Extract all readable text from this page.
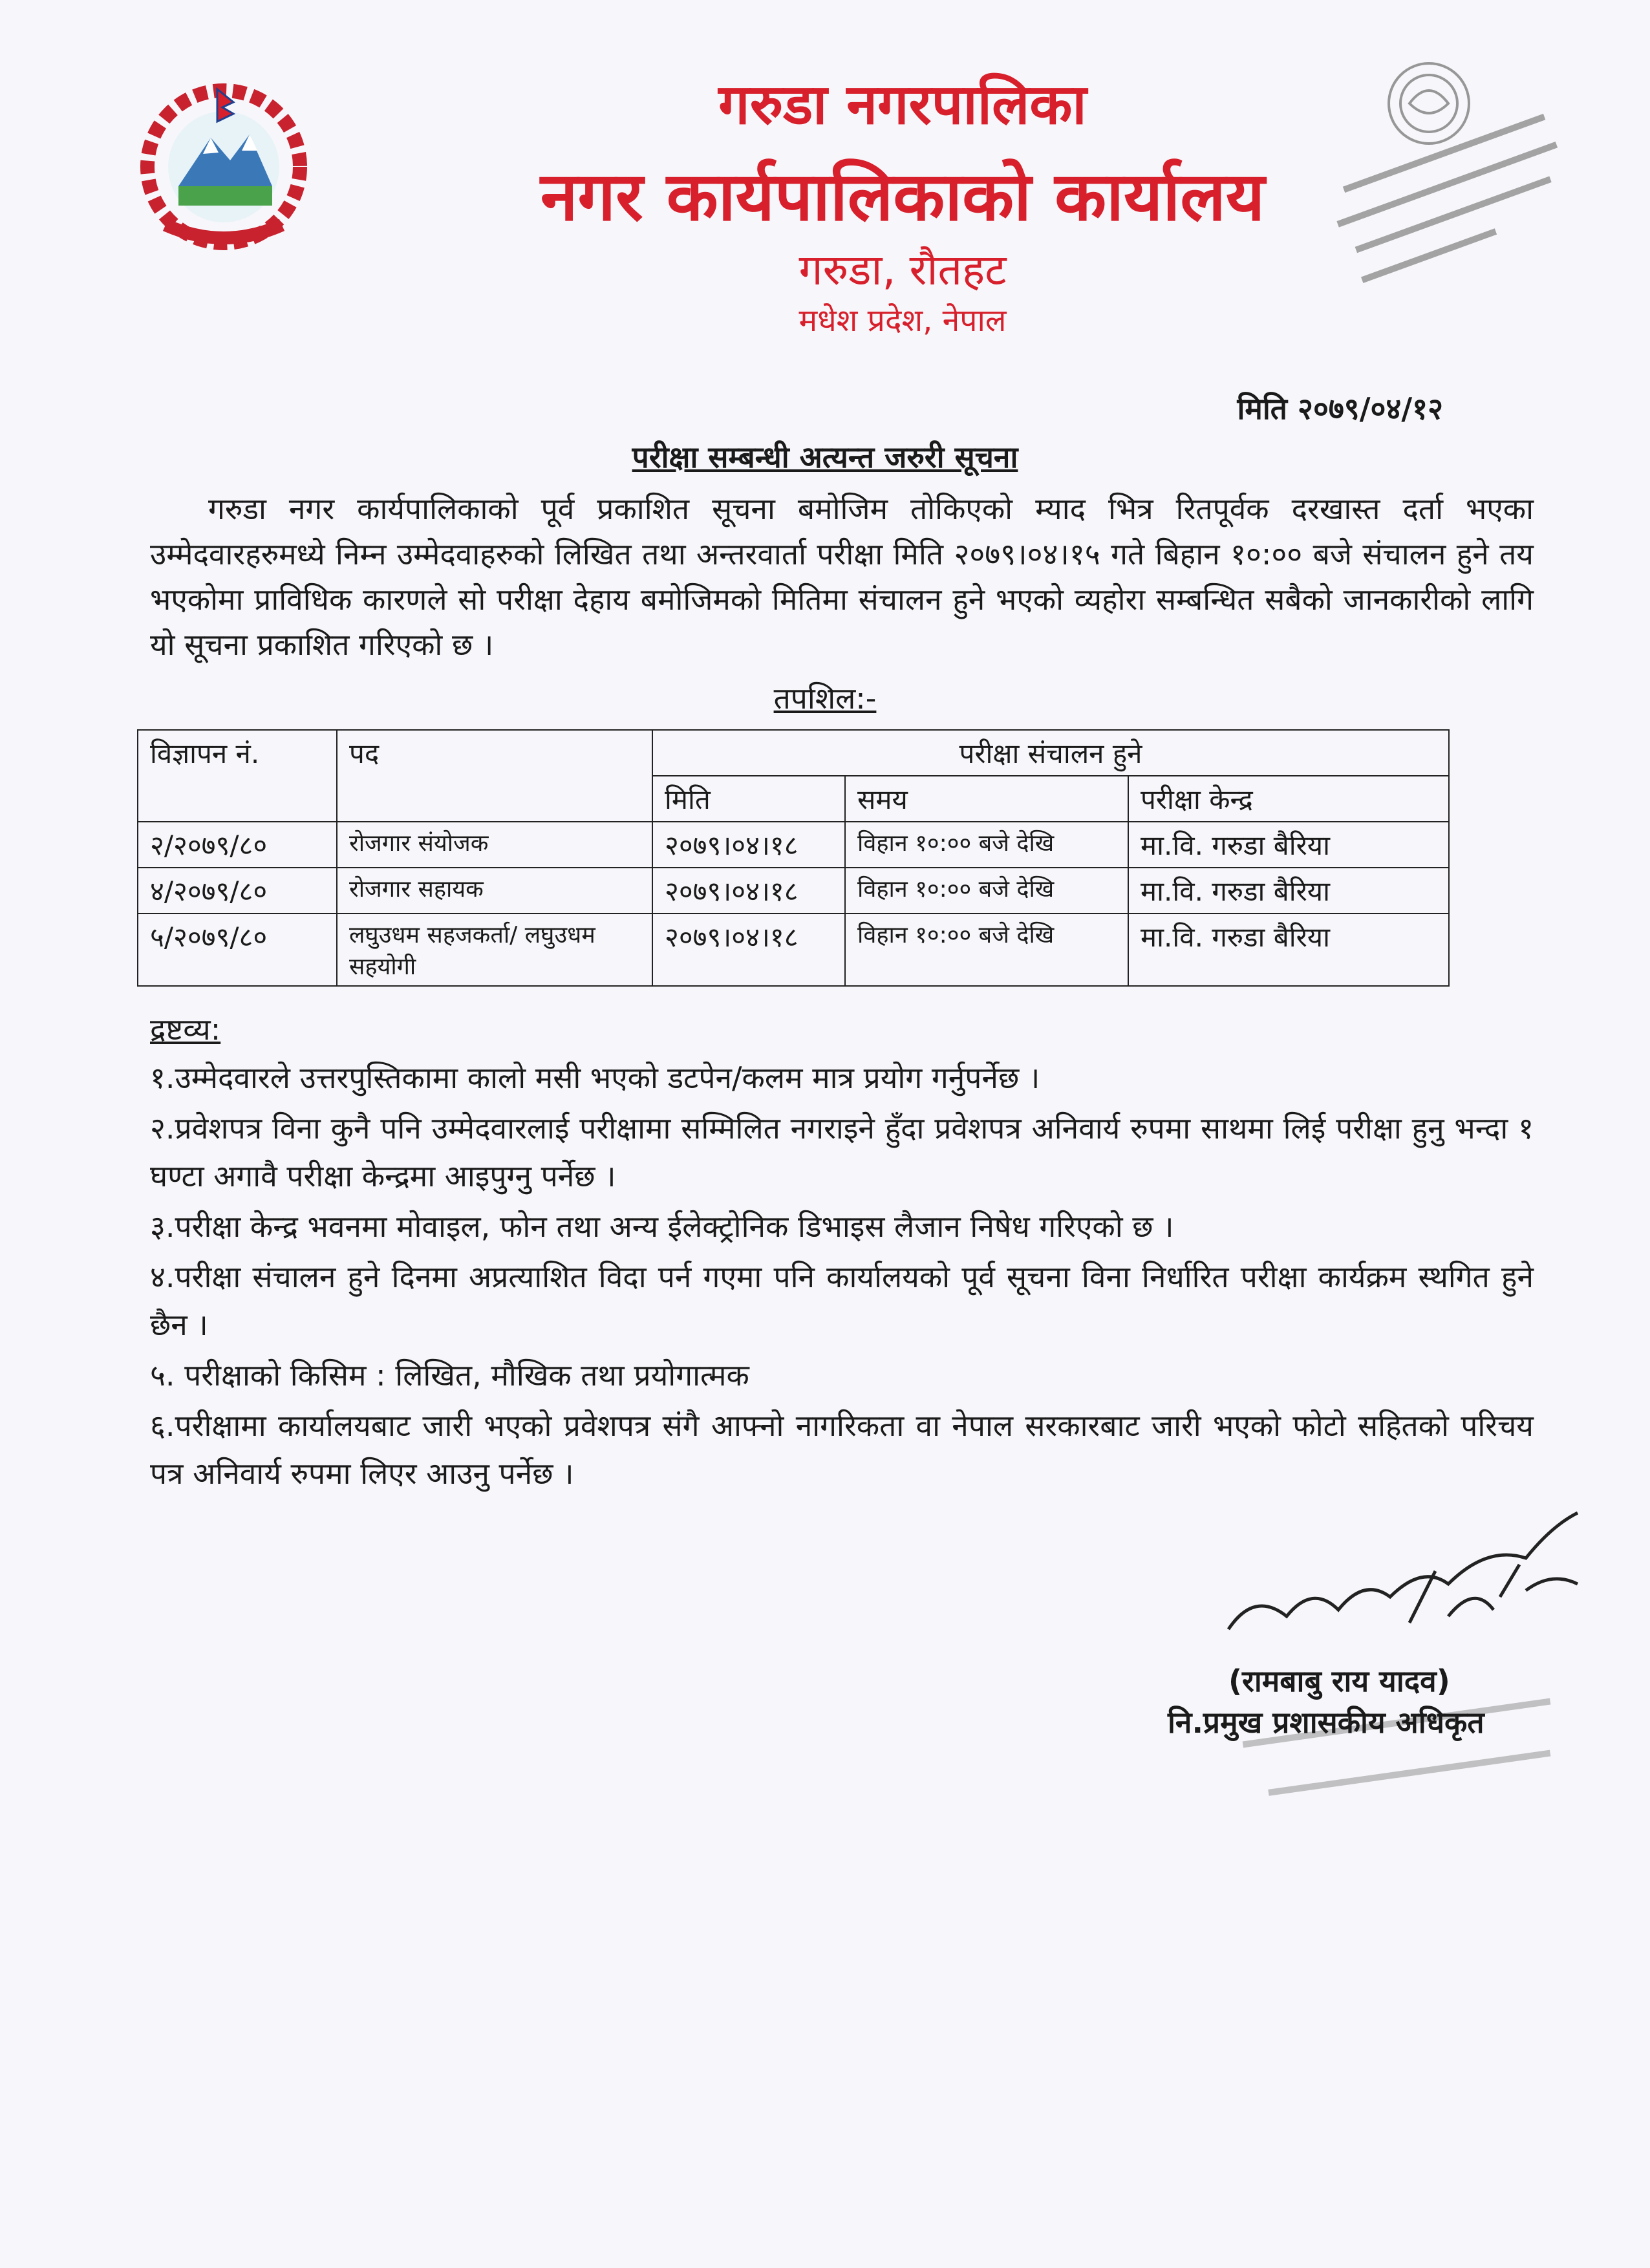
गरुडा नगरपालिका
नगर कार्यपालिकाको कार्यालय
गरुडा, रौतहट
मधेश प्रदेश, नेपाल
मिति २०७९/०४/१२
परीक्षा सम्बन्धी अत्यन्त जरुरी सूचना
गरुडा नगर कार्यपालिकाको पूर्व प्रकाशित सूचना बमोजिम तोकिएको म्याद भित्र रितपूर्वक दरखास्त दर्ता भएका उम्मेदवारहरुमध्ये निम्न उम्मेदवाहरुको लिखित तथा अन्तरवार्ता परीक्षा मिति २०७९।०४।१५ गते बिहान १०:०० बजे संचालन हुने तय भएकोमा प्राविधिक कारणले सो परीक्षा देहाय बमोजिमको मितिमा संचालन हुने भएको व्यहोरा सम्बन्धित सबैको जानकारीको लागि यो सूचना प्रकाशित गरिएको छ ।
तपशिल:-
विज्ञापन नं.	पद	परीक्षा संचालन हुने		
		मिति	समय	परीक्षा केन्द्र
२/२०७९/८०	रोजगार संयोजक	२०७९।०४।१८	विहान १०:०० बजे देखि	मा.वि. गरुडा बैरिया
४/२०७९/८०	रोजगार सहायक	२०७९।०४।१८	विहान १०:०० बजे देखि	मा.वि. गरुडा बैरिया
५/२०७९/८०	लघुउधम सहजकर्ता/ लघुउधम सहयोगी	२०७९।०४।१८	विहान १०:०० बजे देखि	मा.वि. गरुडा बैरिया
द्रष्टव्य:

१.उम्मेदवारले उत्तरपुस्तिकामा कालो मसी भएको डटपेन/कलम मात्र प्रयोग गर्नुपर्नेछ ।

२.प्रवेशपत्र विना कुनै पनि उम्मेदवारलाई परीक्षामा सम्मिलित नगराइने हुँदा प्रवेशपत्र अनिवार्य रुपमा साथमा लिई परीक्षा हुनु भन्दा १ घण्टा अगावै परीक्षा केन्द्रमा आइपुग्नु पर्नेछ ।

३.परीक्षा केन्द्र भवनमा मोवाइल, फोन तथा अन्य ईलेक्ट्रोनिक डिभाइस लैजान निषेध गरिएको छ ।

४.परीक्षा संचालन हुने दिनमा अप्रत्याशित विदा पर्न गएमा पनि कार्यालयको पूर्व सूचना विना निर्धारित परीक्षा कार्यक्रम स्थगित हुने छैन ।

५. परीक्षाको किसिम : लिखित, मौखिक तथा प्रयोगात्मक

६.परीक्षामा कार्यालयबाट जारी भएको प्रवेशपत्र संगै आफ्नो नागरिकता वा नेपाल सरकारबाट जारी भएको फोटो सहितको परिचय पत्र अनिवार्य रुपमा लिएर आउनु पर्नेछ ।

(रामबाबु राय यादव)
नि.प्रमुख प्रशासकीय अधिकृत
